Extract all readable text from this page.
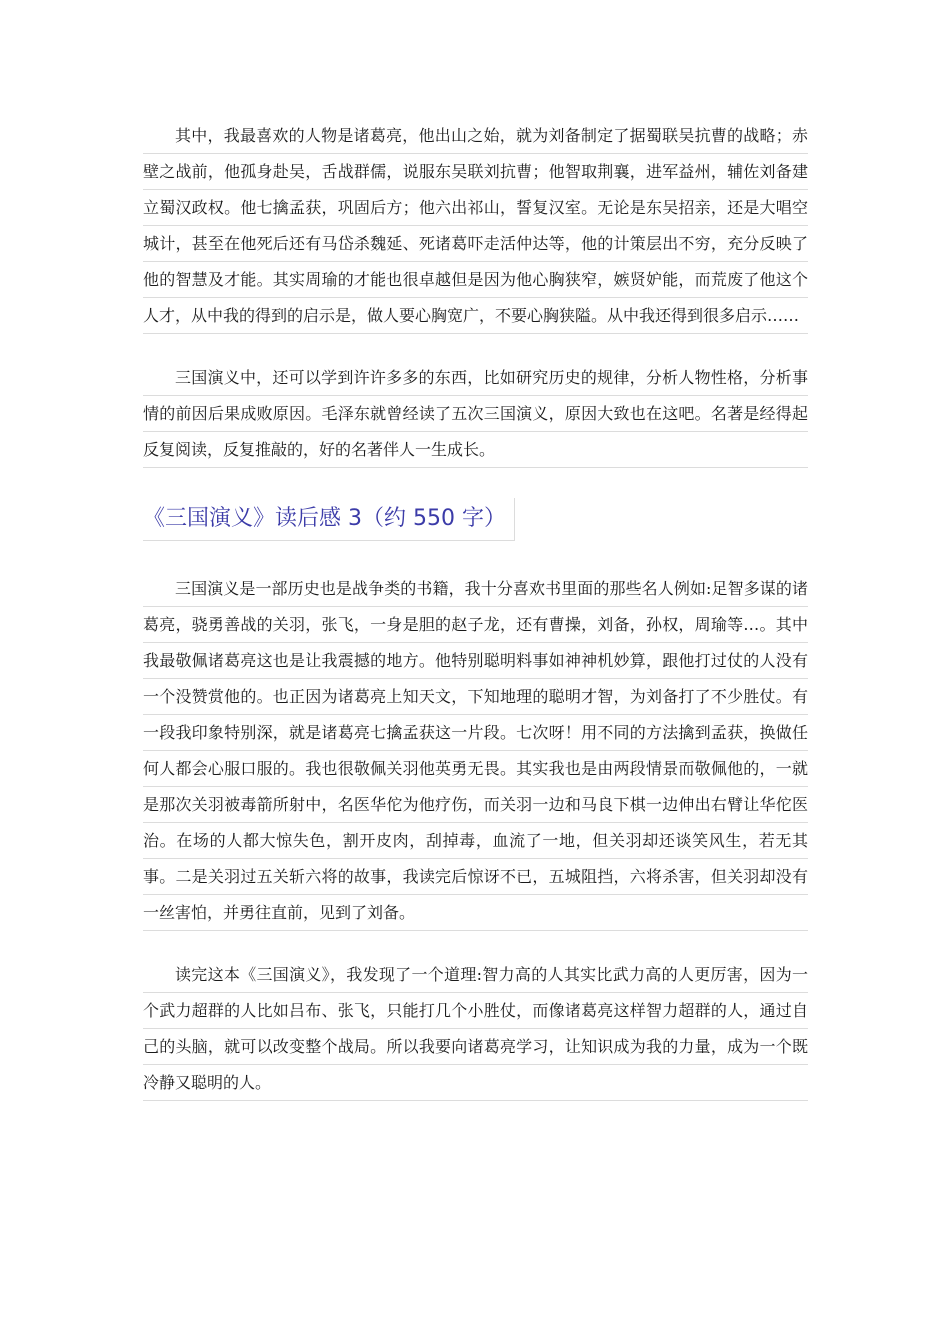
其中，我最喜欢的人物是诸葛亮，他出山之始，就为刘备制定了据蜀联吴抗曹的战略；赤壁之战前，他孤身赴吴，舌战群儒，说服东吴联刘抗曹；他智取荆襄，进军益州，辅佐刘备建立蜀汉政权。他七擒孟获，巩固后方；他六出祁山，誓复汉室。无论是东吴招亲，还是大唱空城计，甚至在他死后还有马岱杀魏延、死诸葛吓走活仲达等，他的计策层出不穷，充分反映了他的智慧及才能。其实周瑜的才能也很卓越但是因为他心胸狭窄，嫉贤妒能，而荒废了他这个人才，从中我的得到的启示是，做人要心胸宽广，不要心胸狭隘。从中我还得到很多启示……

三国演义中，还可以学到许许多多的东西，比如研究历史的规律，分析人物性格，分析事情的前因后果成败原因。毛泽东就曾经读了五次三国演义，原因大致也在这吧。名著是经得起反复阅读，反复推敲的，好的名著伴人一生成长。

《三国演义》读后感 3（约 550 字）

三国演义是一部历史也是战争类的书籍，我十分喜欢书里面的那些名人例如:足智多谋的诸葛亮，骁勇善战的关羽，张飞，一身是胆的赵子龙，还有曹操，刘备，孙权，周瑜等…。其中我最敬佩诸葛亮这也是让我震撼的地方。他特别聪明料事如神神机妙算，跟他打过仗的人没有一个没赞赏他的。也正因为诸葛亮上知天文，下知地理的聪明才智，为刘备打了不少胜仗。有一段我印象特别深，就是诸葛亮七擒孟获这一片段。七次呀！用不同的方法擒到孟获，换做任何人都会心服口服的。我也很敬佩关羽他英勇无畏。其实我也是由两段情景而敬佩他的，一就是那次关羽被毒箭所射中，名医华佗为他疗伤，而关羽一边和马良下棋一边伸出右臂让华佗医治。在场的人都大惊失色，割开皮肉，刮掉毒，血流了一地，但关羽却还谈笑风生，若无其事。二是关羽过五关斩六将的故事，我读完后惊讶不已，五城阻挡，六将杀害，但关羽却没有一丝害怕，并勇往直前，见到了刘备。

读完这本《三国演义》，我发现了一个道理:智力高的人其实比武力高的人更厉害，因为一个武力超群的人比如吕布、张飞，只能打几个小胜仗，而像诸葛亮这样智力超群的人，通过自己的头脑，就可以改变整个战局。所以我要向诸葛亮学习，让知识成为我的力量，成为一个既冷静又聪明的人。
